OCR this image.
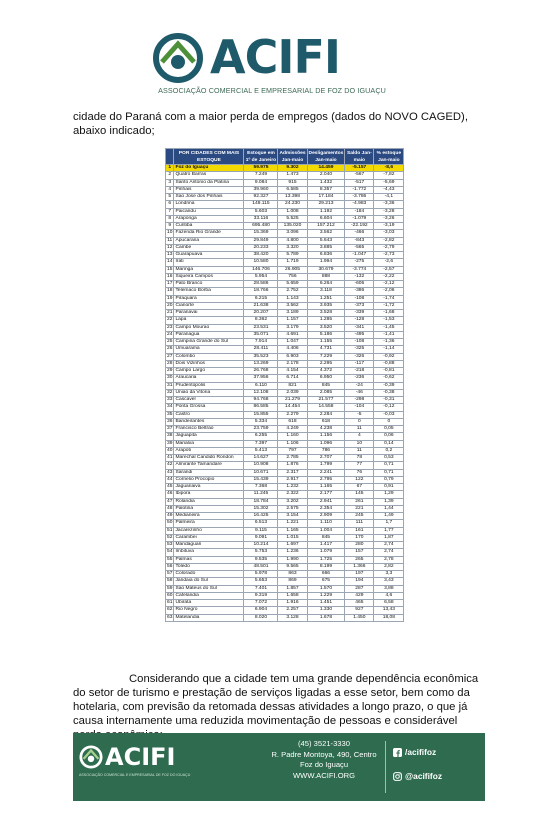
ACIFI
ASSOCIAÇÃO COMERCIAL E EMPRESARIAL DE FOZ DO IGUAÇU
cidade do Paraná com a maior perda de empregos (dados do NOVO CAGED), abaixo indicado;
	POR CIDADES COM MAIS ESTOQUE	Estoque em 1º de Janeiro	Admissões Jan-maio	Desligamentos Jan-maio	Saldo Jan-maio	% estoque Jan-maio
1	Foz do Iguaçu	59.975	9.302	14.459	-5.157	-8,6
2	Quatro Barras	7.249	1.473	2.040	-567	-7,82
3	Santo Antonio da Platina	9.084	915	1.432	-517	-5,69
4	Pinhais	39.960	6.585	8.357	-1.772	-4,43
5	Sao Jose dos Pinhais	92.327	13.398	17.184	-3.786	-4,1
6	Londrina	148.115	24.230	29.213	-4.983	-3,36
7	Paicandu	5.603	1.008	1.192	-184	-3,28
8	Araponga	33.116	5.525	6.604	-1.079	-3,26
9	Curitiba	695.480	135.020	157.212	-22.192	-3,19
10	Fazenda Rio Grande	15.369	3.096	3.562	-466	-3,03
11	Apucarana	29.849	4.800	5.643	-843	-2,82
12	Cambe	20.233	3.320	3.885	-565	-2,79
13	Guarapuava	38.420	5.789	6.836	-1.047	-2,73
14	Irati	10.580	1.719	1.994	-275	-2,6
15	Maringa	146.706	26.905	30.679	-3.774	-2,57
16	Siqueira Campos	5.954	756	888	-132	-2,22
17	Pato Branco	28.586	5.659	6.264	-605	-2,12
18	Telemaco Borba	18.766	2.752	3.118	-386	-2,06
19	Piraquara	6.215	1.143	1.251	-108	-1,74
20	Cianorte	21.638	3.562	3.935	-373	-1,72
21	Paranavai	20.207	3.189	3.528	-339	-1,68
22	Lapa	8.362	1.157	1.285	-128	-1,53
23	Campo Mourao	23.531	3.179	3.520	-341	-1,45
24	Paranagua	35.071	4.691	5.186	-495	-1,41
25	Campina Grande do Sul	7.914	1.047	1.155	-108	-1,36
26	Umuarama	28.411	4.406	4.731	-325	-1,14
27	Colombo	35.523	6.903	7.229	-326	-0,92
28	Dois Vizinhos	13.269	2.178	2.295	-117	-0,88
29	Campo Largo	26.768	4.154	4.372	-218	-0,81
30	Araucaria	37.956	6.714	6.950	-236	-0,62
31	Prudentopolis	6.110	821	845	-24	-0,39
32	Uniao da Vitoria	12.108	2.039	2.085	-46	-0,38
33	Cascavel	94.768	21.279	21.577	-298	-0,31
34	Ponta Grossa	86.585	14.454	14.558	-104	-0,12
35	Castro	15.855	2.279	2.284	-5	-0,03
36	Bandeirantes	5.334	618	618	0	0
37	Francisco Beltrao	23.759	4.249	4.238	11	0,05
38	Jaguapita	6.255	1.160	1.156	4	0,06
39	Marialva	7.397	1.106	1.096	10	0,14
40	Arapoti	5.413	797	786	11	0,2
41	Marechal Candido Rondon	14.627	2.785	2.707	78	0,53
42	Almirante Tamandare	10.908	1.876	1.799	77	0,71
43	Sarandi	10.671	2.317	2.241	76	0,71
44	Cornelio Procopio	15.439	2.917	2.795	122	0,79
45	Jaguariaiva	7.368	1.232	1.165	67	0,91
46	Ibipora	11.245	2.322	2.177	145	1,29
47	Rolandia	18.784	3.202	2.941	261	1,39
48	Palotina	15.302	2.575	2.354	221	1,44
49	Medianeira	16.425	3.154	2.909	245	1,49
50	Palmeira	6.513	1.221	1.110	111	1,7
51	Jacarezinho	9.115	1.165	1.004	161	1,77
52	Carambei	9.091	1.015	845	170	1,87
53	Mandaguari	10.214	1.697	1.417	280	2,74
54	Imbituva	5.753	1.236	1.079	157	2,74
55	Palmas	9.535	1.990	1.725	265	2,78
56	Toledo	48.501	9.565	8.199	1.366	2,82
57	Colorado	5.978	863	666	197	3,3
58	Jandaia do Sul	5.653	869	675	194	3,43
59	Sao Mateus do Sul	7.401	1.857	1.570	287	3,88
60	Cafelandia	9.319	1.658	1.229	429	4,6
61	Ubirata	7.072	1.916	1.451	465	6,58
62	Rio Negro	6.904	2.257	1.330	927	13,43
63	Matelandia	8.020	3.128	1.678	1.450	18,08
Considerando que a cidade tem uma grande dependência econômica do setor de turismo e prestação de serviços ligadas a esse setor, bem como da hotelaria, com previsão da retomada dessas atividades a longo prazo, o que já causa internamente uma reduzida movimentação de pessoas e considerável
ACIFI
ASSOCIAÇÃO COMERCIAL E EMPRESARIAL DE FOZ DO IGUAÇU
(45) 3521-3330
R. Padre Montoya, 490, Centro
Foz do Iguaçu
WWW.ACIFI.ORG
/acififoz
@acififoz
